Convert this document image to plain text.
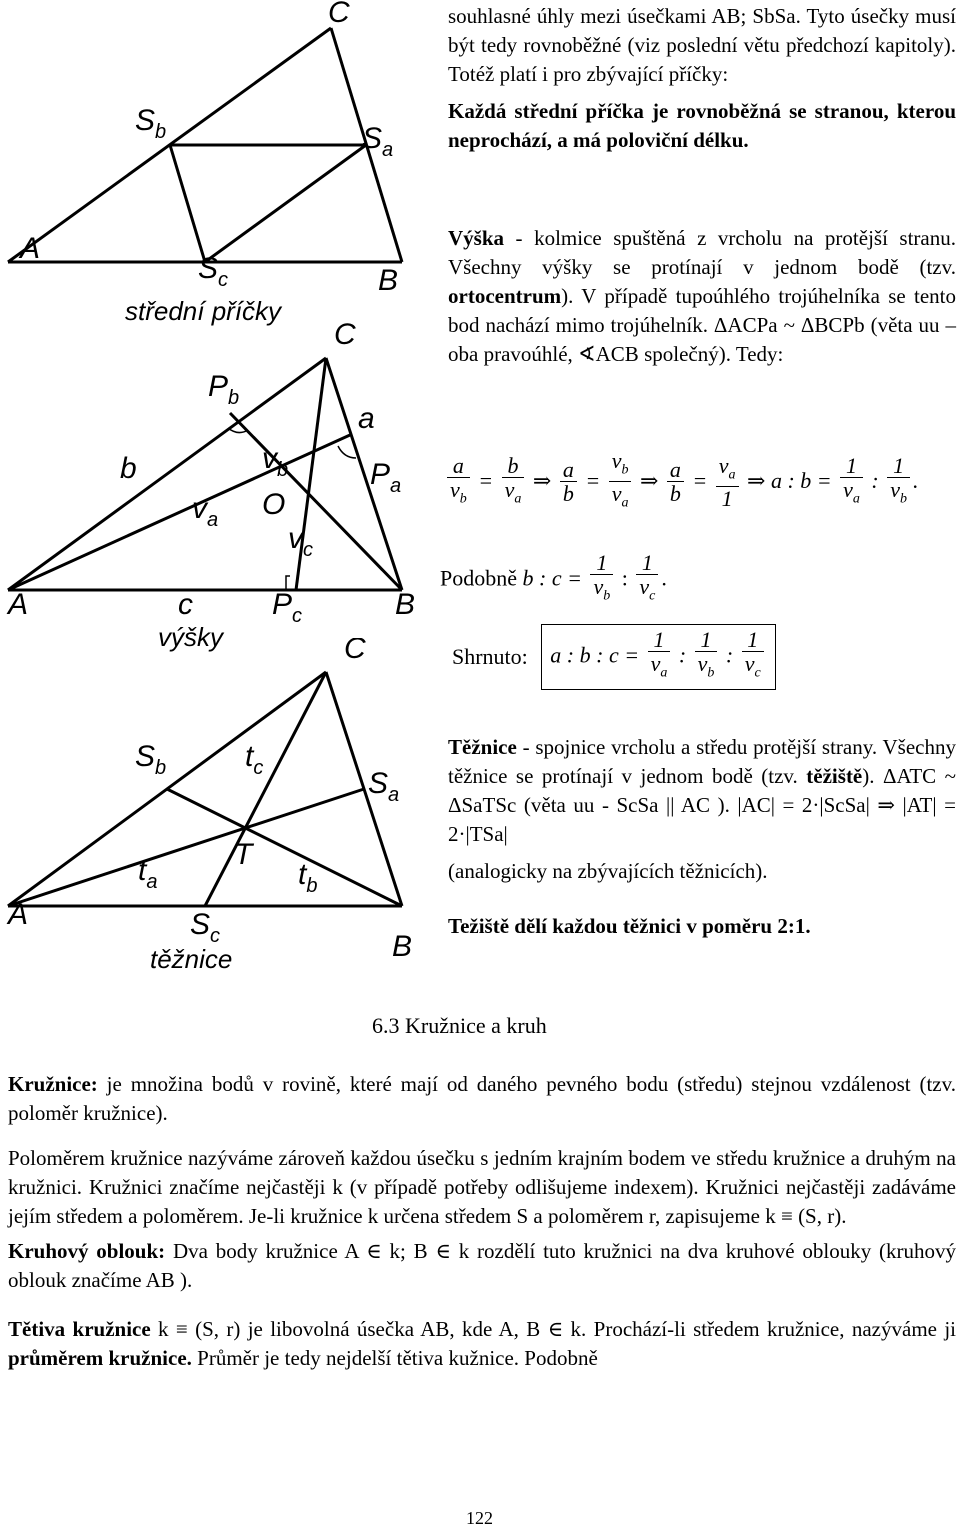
C
$S_b$	$S_a$
A
$S_c$	B
střední příčky
C
$P_b$
a
b	$v_b$	$P_a$
$v_a$ O
$v_c$
A	c	$P_c$	B
výšky	C
$S_b$	$t_c$	$S_a$
T
$t_a$	$t_b$
A	$S_c$	B
těžnice

souhlasné úhly mezi úsečkami AB; SbSa. Tyto úsečky musí být tedy rovnoběžné (viz poslední větu předchozí kapitoly). Totéž platí i pro zbývající příčky:

Každá střední příčka je rovnoběžná se stranou, kterou neprochází, a má poloviční délku.

Výška - kolmice spuštěná z vrcholu na protější stranu. Všechny výšky se protínají v jednom bodě (tzv. ortocentrum). V případě tupoúhlého trojúhelníka se tento bod nachází mimo trojúhelník. ΔACPa ~ ΔBCPb (věta uu – oba pravoúhlé, ∢ACB společný). Tedy:

$\frac{a}{v_b} = \frac{b}{v_a}$ ⇒ $\frac{a}{b} = \frac{v_b}{v_a}$ ⇒ $\frac{a}{b} = \frac{v_a}{1}$ ⇒ a : $b = \frac{1}{v_a}$ : $\frac{1}{v_b}$ .
Podobně b : $c = \frac{1}{v_b}$ : $\frac{1}{v_c}$ .
Shrnuto: a : b : $c = \frac{1}{v_a}$ : $\frac{1}{v_b}$ : $\frac{1}{v_c}$

Těžnice - spojnice vrcholu a středu protější strany. Všechny těžnice se protínají v jednom bodě (tzv. těžiště). ΔATC ~ ΔSaTSc (věta uu - ScSa || AC ). |AC| = 2·|ScSa| ⇒ |AT| = 2·|TSa|

(analogicky na zbývajících těžnicích).

Težiště dělí každou těžnici v poměru 2:1.

6.3 Kružnice a kruh

Kružnice: je množina bodů v rovině, které mají od daného pevného bodu (středu) stejnou vzdálenost (tzv. poloměr kružnice).

Poloměrem kružnice nazýváme zároveň každou úsečku s jedním krajním bodem ve středu kružnice a druhým na kružnici. Kružnici značíme nejčastěji k (v případě potřeby odlišujeme indexem). Kružnici nejčastěji zadáváme jejím středem a poloměrem. Je-li kružnice k určena středem S a poloměrem r, zapisujeme k ≡ (S, r).

Kruhový oblouk: Dva body kružnice A ∈ k; B ∈ k rozdělí tuto kružnici na dva kruhové oblouky (kruhový oblouk značíme AB ).

Tětiva kružnice k ≡ (S, r) je libovolná úsečka AB, kde A, B ∈ k. Prochází-li středem kružnice, nazýváme ji průměrem kružnice. Průměr je tedy nejdelší tětiva kužnice. Podobně

122
